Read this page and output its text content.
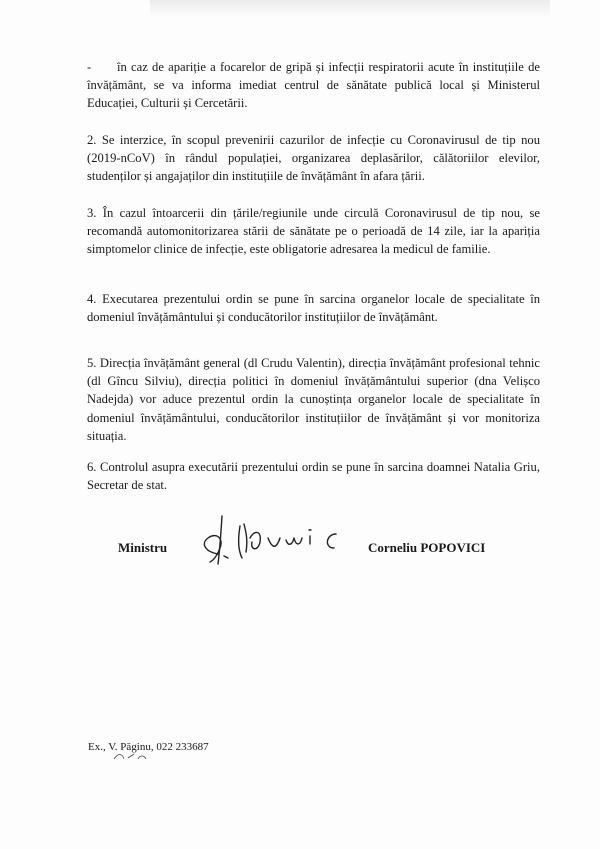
-	în caz de apariție a focarelor de gripă și infecții respiratorii acute în instituțiile de învățământ, se va informa imediat centrul de sănătate publică local și Ministerul Educației, Culturii și Cercetării.

2. Se interzice, în scopul prevenirii cazurilor de infecție cu Coronavirusul de tip nou (2019-nCoV) în rândul populației, organizarea deplasărilor, călătoriilor elevilor, studenților și angajaților din instituțiile de învățământ în afara țării.

3. În cazul întoarcerii din țările/regiunile unde circulă Coronavirusul de tip nou, se recomandă automonitorizarea stării de sănătate pe o perioadă de 14 zile, iar la apariția simptomelor clinice de infecție, este obligatorie adresarea la medicul de familie.

4. Executarea prezentului ordin se pune în sarcina organelor locale de specialitate în domeniul învățământului și conducătorilor instituțiilor de învățământ.

5. Direcția învățământ general (dl Crudu Valentin), direcția învățământ profesional tehnic (dl Gîncu Silviu), direcția politici în domeniul învățământului superior (dna Velișco Nadejda) vor aduce prezentul ordin la cunoștința organelor locale de specialitate în domeniul învățământului, conducătorilor instituțiilor de învățământ și vor monitoriza situația.

6. Controlul asupra executării prezentului ordin se pune în sarcina doamnei Natalia Griu, Secretar de stat.

Ministru	Corneliu POPOVICI
Ex., V. Păginu, 022 233687
